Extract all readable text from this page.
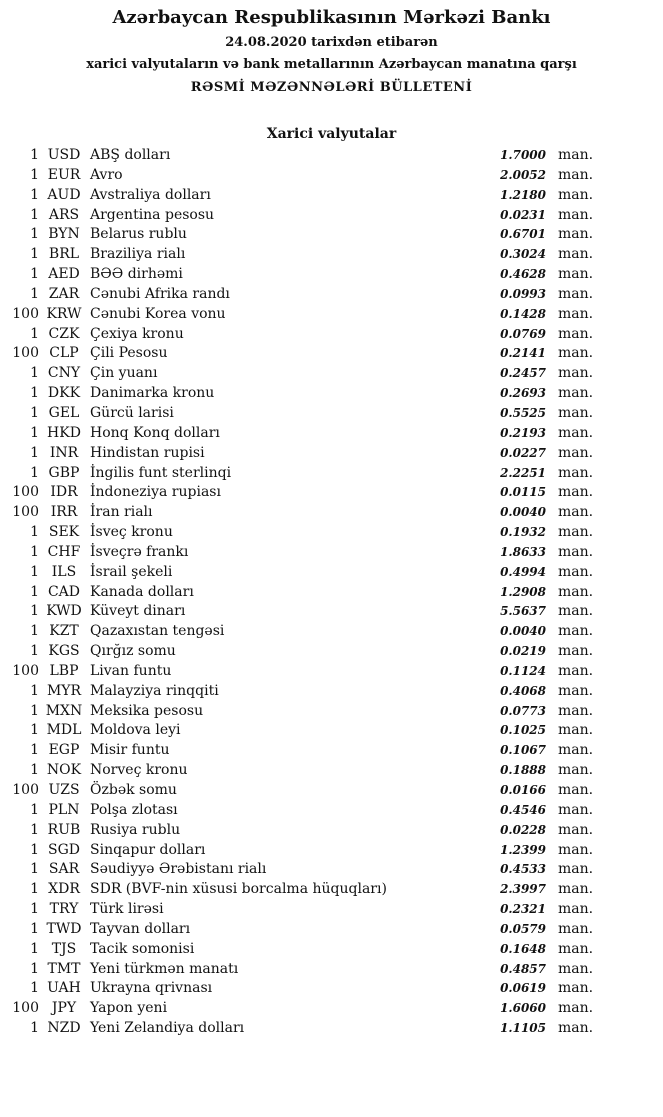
Azərbaycan Respublikasının Mərkəzi Bankı
24.08.2020 tarixdən etibarən
xarici valyutaların və bank metallarının Azərbaycan manatına qarşı
RƏSMİ MƏZƏNNƏLƏRİ BÜLLETENİ
Xarici valyutalar
1 USD ABŞ dolları	1.7000 man.
1 EUR Avro	2.0052 man.
1 AUD Avstraliya dolları	1.2180 man.
1 ARS Argentina pesosu	0.0231 man.
1 BYN Belarus rublu	0.6701 man.
1 BRL Braziliya rialı	0.3024 man.
1 AED BƏƏ dirhəmi	0.4628 man.
1 ZAR Cənubi Afrika randı	0.0993 man.
100 KRW Cənubi Korea vonu	0.1428 man.
1 CZK Çexiya kronu	0.0769 man.
100 CLP Çili Pesosu	0.2141 man.
1 CNY Çin yuanı	0.2457 man.
1 DKK Danimarka kronu	0.2693 man.
1 GEL Gürcü larisi	0.5525 man.
1 HKD Honq Konq dolları	0.2193 man.
1 INR Hindistan rupisi	0.0227 man.
1 GBP İngilis funt sterlinqi	2.2251 man.
100 IDR İndoneziya rupiası	0.0115 man.
100 IRR İran rialı	0.0040 man.
1 SEK İsveç kronu	0.1932 man.
1 CHF İsveçrə frankı	1.8633 man.
1 ILS İsrail şekeli	0.4994 man.
1 CAD Kanada dolları	1.2908 man.
1 KWD Küveyt dinarı	5.5637 man.
1 KZT Qazaxıstan tengəsi	0.0040 man.
1 KGS Qırğız somu	0.0219 man.
100 LBP Livan funtu	0.1124 man.
1 MYR Malayziya rinqqiti	0.4068 man.
1 MXN Meksika pesosu	0.0773 man.
1 MDL Moldova leyi	0.1025 man.
1 EGP Misir funtu	0.1067 man.
1 NOK Norveç kronu	0.1888 man.
100 UZS Özbək somu	0.0166 man.
1 PLN Polşa zlotası	0.4546 man.
1 RUB Rusiya rublu	0.0228 man.
1 SGD Sinqapur dolları	1.2399 man.
1 SAR Səudiyyə Ərəbistanı rialı	0.4533 man.
1 XDR SDR (BVF-nin xüsusi borcalma hüquqları)	2.3997 man.
1 TRY Türk lirəsi	0.2321 man.
1 TWD Tayvan dolları	0.0579 man.
1 TJS Tacik somonisi	0.1648 man.
1 TMT Yeni türkmən manatı	0.4857 man.
1 UAH Ukrayna qrivnası	0.0619 man.
100 JPY Yapon yeni	1.6060 man.
1 NZD Yeni Zelandiya dolları	1.1105 man.
